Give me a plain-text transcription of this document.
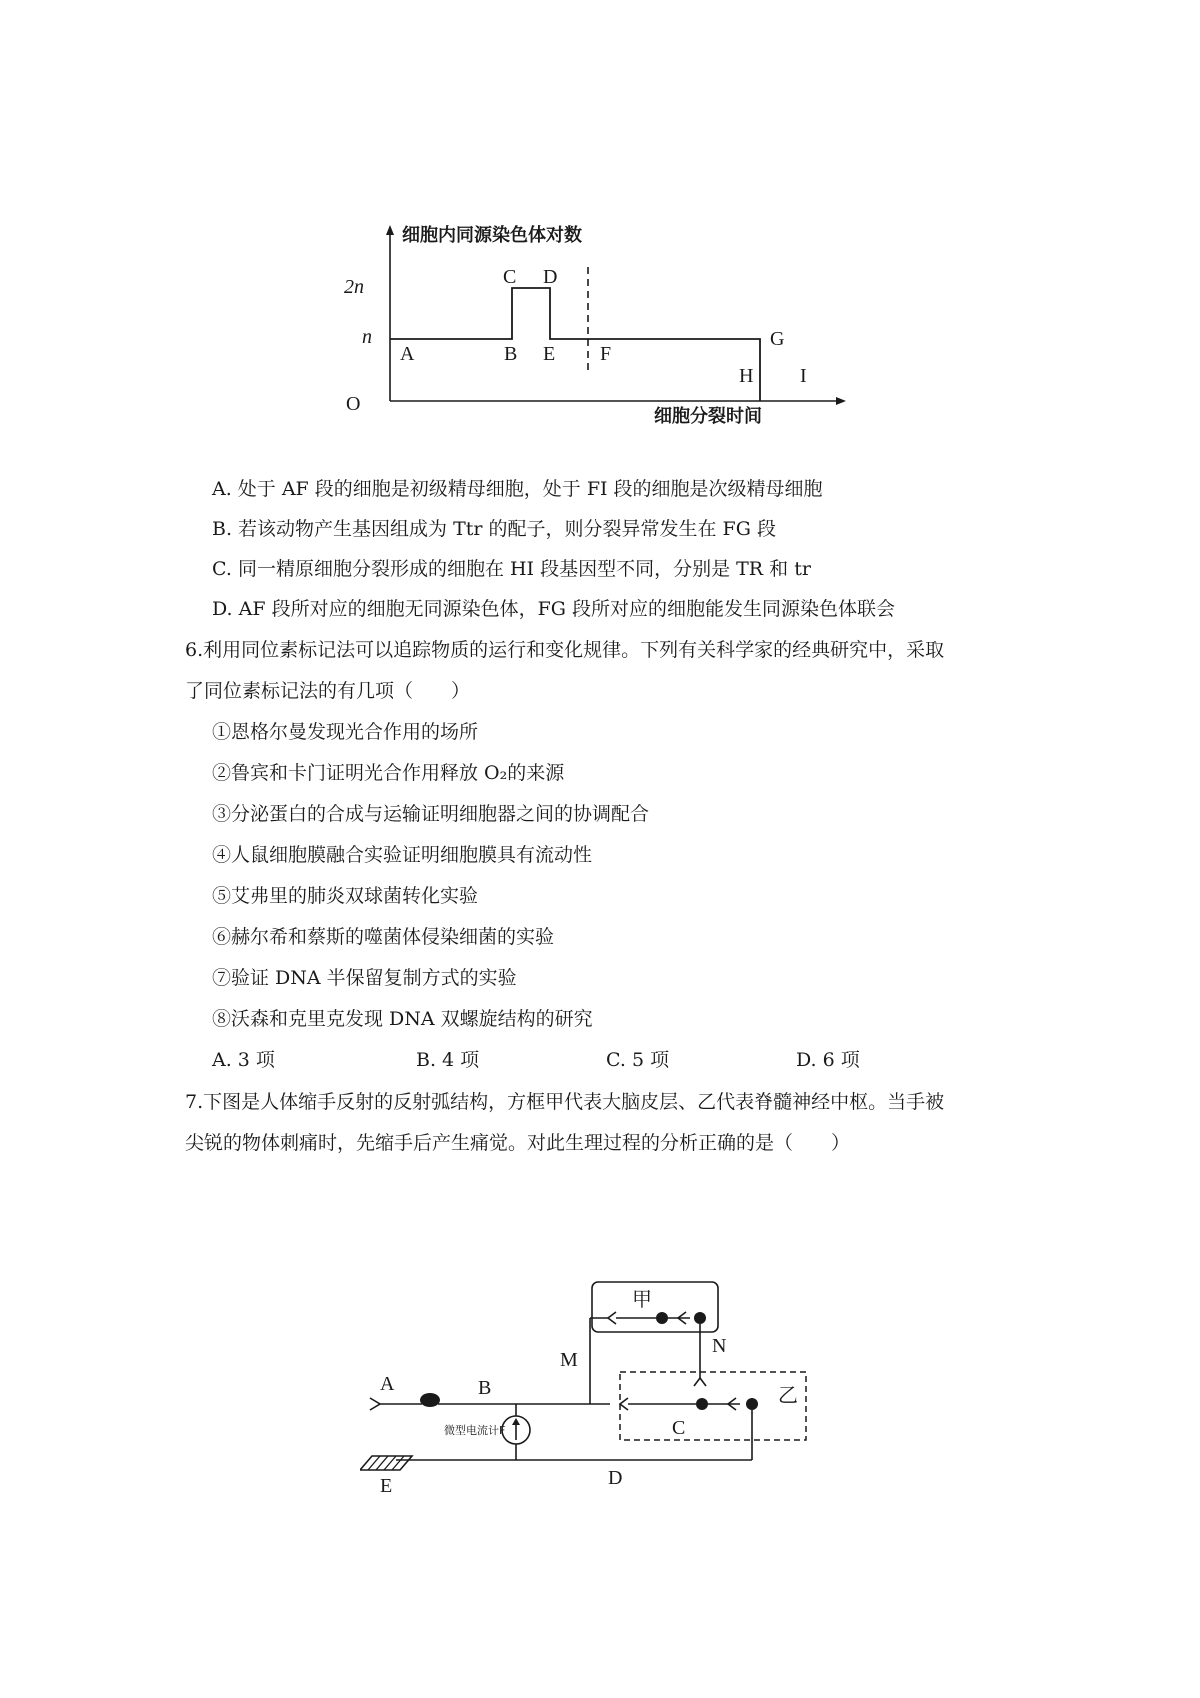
细胞内同源染色体对数
细胞分裂时间
O
2n
n
A	B
C D
E F
G
H I
A. 处于 AF 段的细胞是初级精母细胞，处于 FI 段的细胞是次级精母细胞
B. 若该动物产生基因组成为 Ttr 的配子，则分裂异常发生在 FG 段
C. 同一精原细胞分裂形成的细胞在 HI 段基因型不同，分别是 TR 和 tr
D. AF 段所对应的细胞无同源染色体，FG 段所对应的细胞能发生同源染色体联会
6.利用同位素标记法可以追踪物质的运行和变化规律。下列有关科学家的经典研究中，采取
了同位素标记法的有几项（　　）
①恩格尔曼发现光合作用的场所
②鲁宾和卡门证明光合作用释放 O₂的来源
③分泌蛋白的合成与运输证明细胞器之间的协调配合
④人鼠细胞膜融合实验证明细胞膜具有流动性
⑤艾弗里的肺炎双球菌转化实验
⑥赫尔希和蔡斯的噬菌体侵染细菌的实验
⑦验证 DNA 半保留复制方式的实验
⑧沃森和克里克发现 DNA 双螺旋结构的研究
A. 3 项	B. 4 项	C. 5 项	D. 6 项
7.下图是人体缩手反射的反射弧结构，方框甲代表大脑皮层、乙代表脊髓神经中枢。当手被
尖锐的物体刺痛时，先缩手后产生痛觉。对此生理过程的分析正确的是（　　）
甲
乙
A	B
M
N
C
D
E
微型电流计F
